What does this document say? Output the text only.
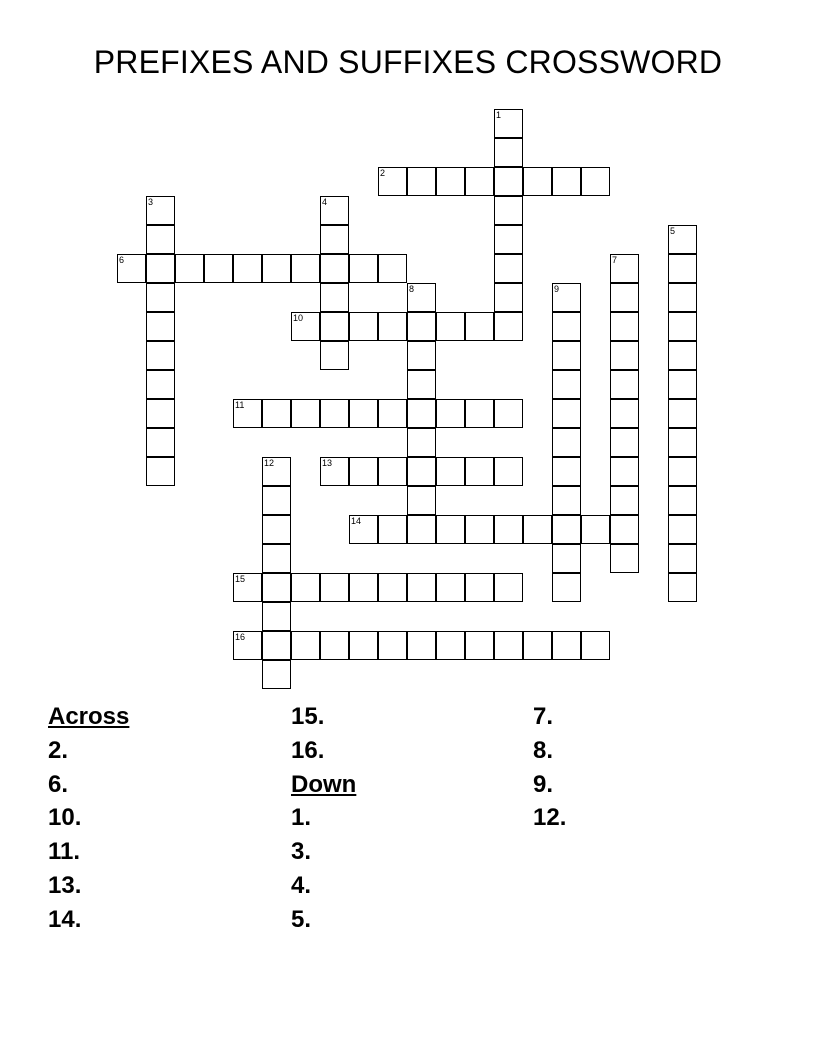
PREFIXES AND SUFFIXES CROSSWORD
1
2
3	4
5
6	7
8	9
10
11
12	13
14
15
16
Across
2.
6.
10.
11.
13.
14.
15.
16.
Down
1.
3.
4.
5.
7.
8.
9.
12.
